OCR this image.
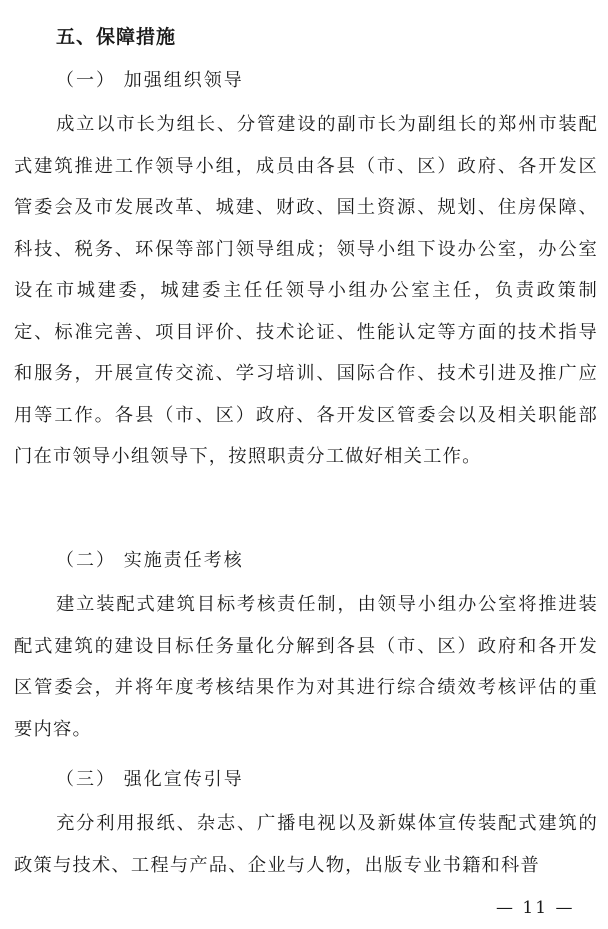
五、保障措施
（一） 加强组织领导

成立以市长为组长、分管建设的副市长为副组长的郑州市装配式建筑推进工作领导小组，成员由各县（市、区）政府、各开发区管委会及市发展改革、城建、财政、国土资源、规划、住房保障、科技、税务、环保等部门领导组成；领导小组下设办公室，办公室设在市城建委，城建委主任任领导小组办公室主任，负责政策制定、标准完善、项目评价、技术论证、性能认定等方面的技术指导和服务，开展宣传交流、学习培训、国际合作、技术引进及推广应用等工作。各县（市、区）政府、各开发区管委会以及相关职能部门在市领导小组领导下，按照职责分工做好相关工作。

（二） 实施责任考核

建立装配式建筑目标考核责任制，由领导小组办公室将推进装配式建筑的建设目标任务量化分解到各县（市、区）政府和各开发区管委会，并将年度考核结果作为对其进行综合绩效考核评估的重要内容。

（三） 强化宣传引导

充分利用报纸、杂志、广播电视以及新媒体宣传装配式建筑的政策与技术、工程与产品、企业与人物，出版专业书籍和科普

— 11 —
